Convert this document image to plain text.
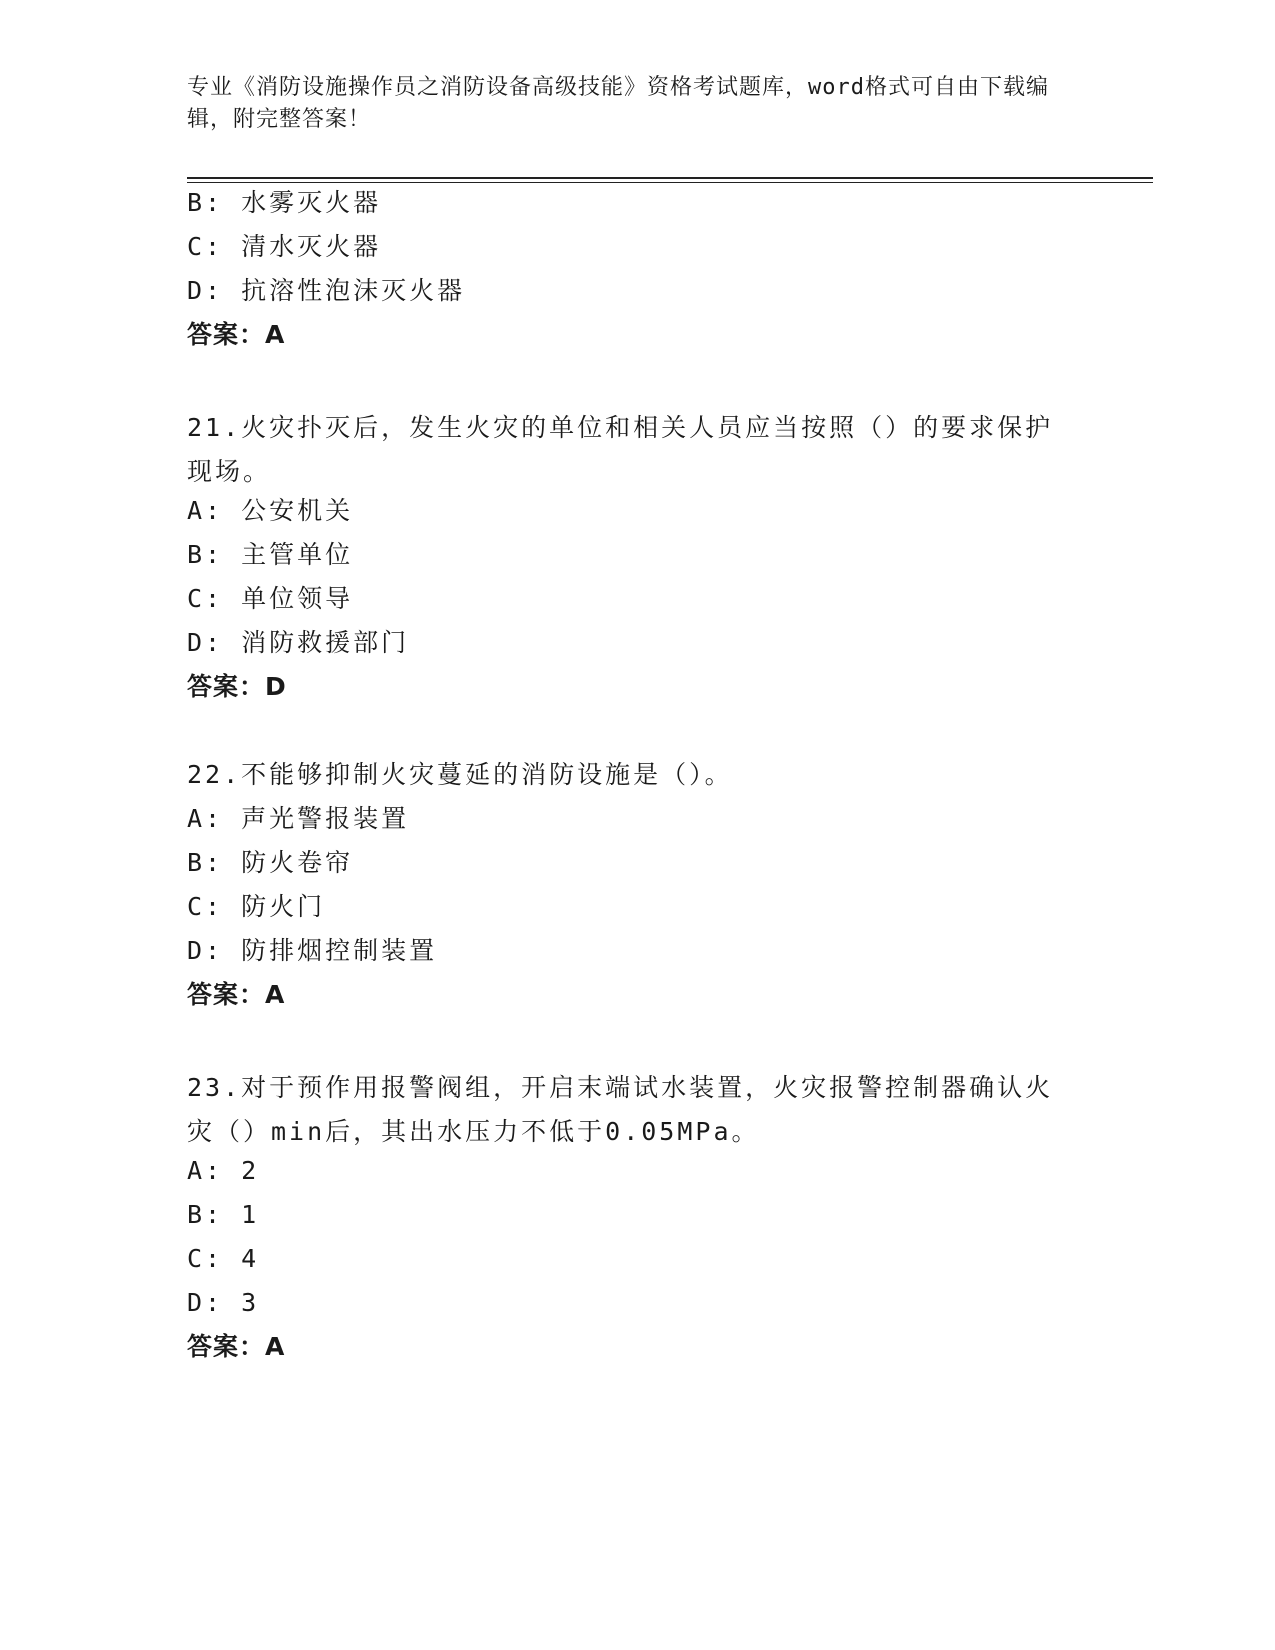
专业《消防设施操作员之消防设备高级技能》资格考试题库，word格式可自由下载编辑，附完整答案！
B: 水雾灭火器
C: 清水灭火器
D: 抗溶性泡沫灭火器
答案：A
21.火灾扑灭后，发生火灾的单位和相关人员应当按照（）的要求保护现场。
A: 公安机关
B: 主管单位
C: 单位领导
D: 消防救援部门
答案：D
22.不能够抑制火灾蔓延的消防设施是（）。
A: 声光警报装置
B: 防火卷帘
C: 防火门
D: 防排烟控制装置
答案：A
23.对于预作用报警阀组，开启末端试水装置，火灾报警控制器确认火灾（）min后，其出水压力不低于0.05MPa。
A: 2
B: 1
C: 4
D: 3
答案：A
